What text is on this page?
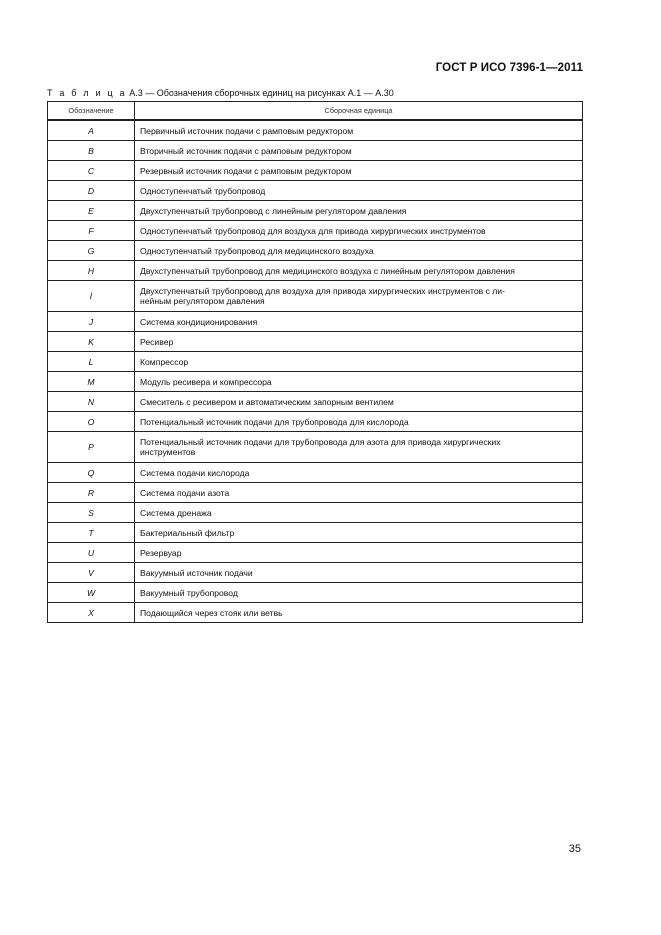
ГОСТ Р ИСО 7396-1—2011
Т а б л и ц а А.3 — Обозначения сборочных единиц на рисунках А.1 — А.30
Обозначение	Сборочная единица
A	Первичный источник подачи с рамповым редуктором
B	Вторичный источник подачи с рамповым редуктором
C	Резервный источник подачи с рамповым редуктором
D	Одноступенчатый трубопровод
E	Двухступенчатый трубопровод с линейным регулятором давления
F	Одноступенчатый трубопровод для воздуха для привода хирургических инструментов
G	Одноступенчатый трубопровод для медицинского воздуха
H	Двухступенчатый трубопровод для медицинского воздуха с линейным регулятором давления
I	Двухступенчатый трубопровод для воздуха для привода хирургических инструментов с ли-
нейным регулятором давления
J	Система кондиционирования
K	Ресивер
L	Компрессор
M	Модуль ресивера и компрессора
N	Смеситель с ресивером и автоматическим запорным вентилем
O	Потенциальный источник подачи для трубопровода для кислорода
P	Потенциальный источник подачи для трубопровода для азота для привода хирургических
инструментов
Q	Система подачи кислорода
R	Система подачи азота
S	Система дренажа
T	Бактериальный фильтр
U	Резервуар
V	Вакуумный источник подачи
W	Вакуумный трубопровод
X	Подающийся через стояк или ветвь
35
